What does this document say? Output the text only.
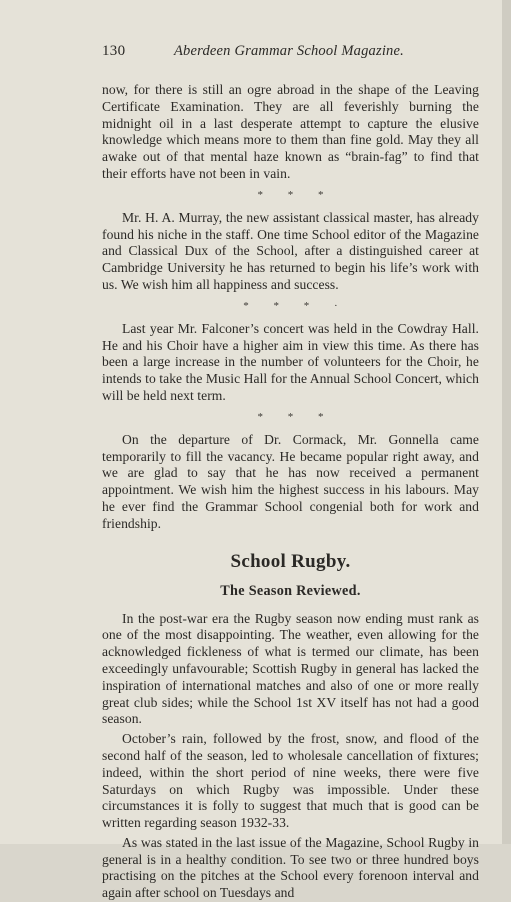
130	Aberdeen Grammar School Magazine.

now, for there is still an ogre abroad in the shape of the Leaving Certificate Examination. They are all feverishly burning the midnight oil in a last desperate attempt to capture the elusive knowledge which means more to them than fine gold. May they all awake out of that mental haze known as “brain-fag” to find that their efforts have not been in vain.

* * *

Mr. H. A. Murray, the new assistant classical master, has already found his niche in the staff. One time School editor of the Magazine and Classical Dux of the School, after a distinguished career at Cambridge University he has returned to begin his life’s work with us. We wish him all happiness and success.

* * * ·

Last year Mr. Falconer’s concert was held in the Cowdray Hall. He and his Choir have a higher aim in view this time. As there has been a large increase in the number of volunteers for the Choir, he intends to take the Music Hall for the Annual School Concert, which will be held next term.

* * *

On the departure of Dr. Cormack, Mr. Gonnella came temporarily to fill the vacancy. He became popular right away, and we are glad to say that he has now received a permanent appointment. We wish him the highest success in his labours. May he ever find the Grammar School congenial both for work and friendship.

School Rugby.
The Season Reviewed.

In the post-war era the Rugby season now ending must rank as one of the most disappointing. The weather, even allowing for the acknowledged fickleness of what is termed our climate, has been exceedingly unfavourable; Scottish Rugby in general has lacked the inspiration of international matches and also of one or more really great club sides; while the School 1st XV itself has not had a good season.

October’s rain, followed by the frost, snow, and flood of the second half of the season, led to wholesale cancellation of fixtures; indeed, within the short period of nine weeks, there were five Saturdays on which Rugby was impossible. Under these circumstances it is folly to suggest that much that is good can be written regarding season 1932-33.

As was stated in the last issue of the Magazine, School Rugby in general is in a healthy condition. To see two or three hundred boys practising on the pitches at the School every forenoon interval and again after school on Tuesdays and
